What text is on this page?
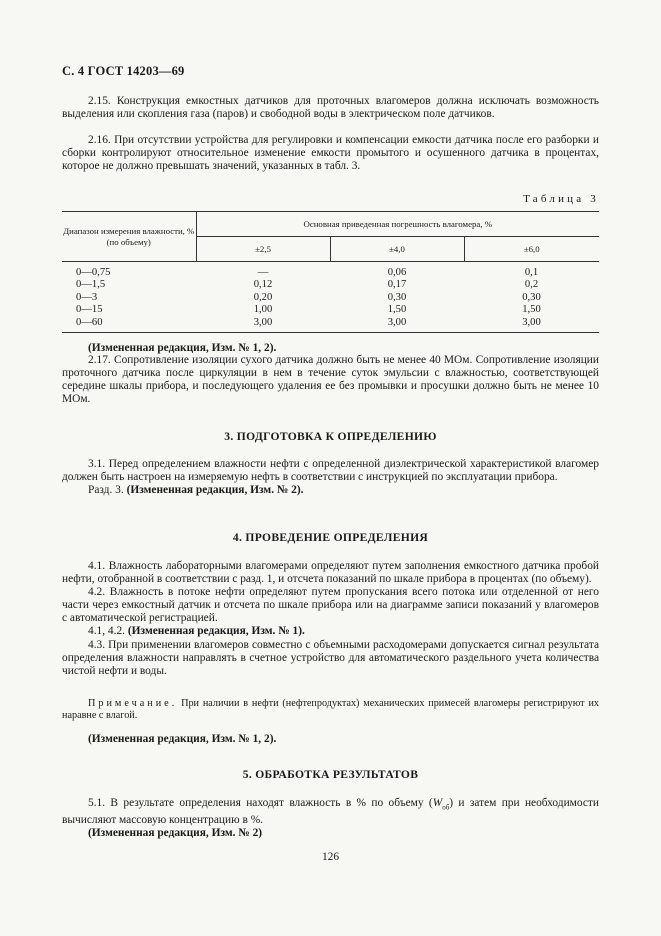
С. 4 ГОСТ 14203—69

2.15. Конструкция емкостных датчиков для проточных влагомеров должна исключать возможность выделения или скопления газа (паров) и свободной воды в электрическом поле датчиков.

2.16. При отсутствии устройства для регулировки и компенсации емкости датчика после его разборки и сборки контролируют относительное изменение емкости промытого и осушенного датчика в процентах, которое не должно превышать значений, указанных в табл. 3.

Таблица 3
Диапазон измерения влажности, % (по объему)	Основная приведенная погрешность влагомера, %		
	±2,5	±4,0	±6,0

0—0,75	—	0,06	0,1
0—1,5	0,12	0,17	0,2
0—3	0,20	0,30	0,30
0—15	1,00	1,50	1,50
0—60	3,00	3,00	3,00

(Измененная редакция, Изм. № 1, 2).

2.17. Сопротивление изоляции сухого датчика должно быть не менее 40 МОм. Сопротивление изоляции проточного датчика после циркуляции в нем в течение суток эмульсии с влажностью, соответствующей середине шкалы прибора, и последующего удаления ее без промывки и просушки должно быть не менее 10 МОм.

3. ПОДГОТОВКА К ОПРЕДЕЛЕНИЮ

3.1. Перед определением влажности нефти с определенной диэлектрической характеристикой влагомер должен быть настроен на измеряемую нефть в соответствии с инструкцией по эксплуатации прибора.

Разд. 3. (Измененная редакция, Изм. № 2).

4. ПРОВЕДЕНИЕ ОПРЕДЕЛЕНИЯ

4.1. Влажность лабораторными влагомерами определяют путем заполнения емкостного датчика пробой нефти, отобранной в соответствии с разд. 1, и отсчета показаний по шкале прибора в процентах (по объему).

4.2. Влажность в потоке нефти определяют путем пропускания всего потока или отделенной от него части через емкостный датчик и отсчета по шкале прибора или на диаграмме записи показаний у влагомеров с автоматической регистрацией.

4.1, 4.2. (Измененная редакция, Изм. № 1).

4.3. При применении влагомеров совместно с объемными расходомерами допускается сигнал результата определения влажности направлять в счетное устройство для автоматического раздельного учета количества чистой нефти и воды.

Примечание. При наличии в нефти (нефтепродуктах) механических примесей влагомеры регистрируют их наравне с влагой.

(Измененная редакция, Изм. № 1, 2).

5. ОБРАБОТКА РЕЗУЛЬТАТОВ

5.1. В результате определения находят влажность в % по объему $(W_{об})$ и затем при необходимости вычисляют массовую концентрацию в %.

(Измененная редакция, Изм. № 2)

126
